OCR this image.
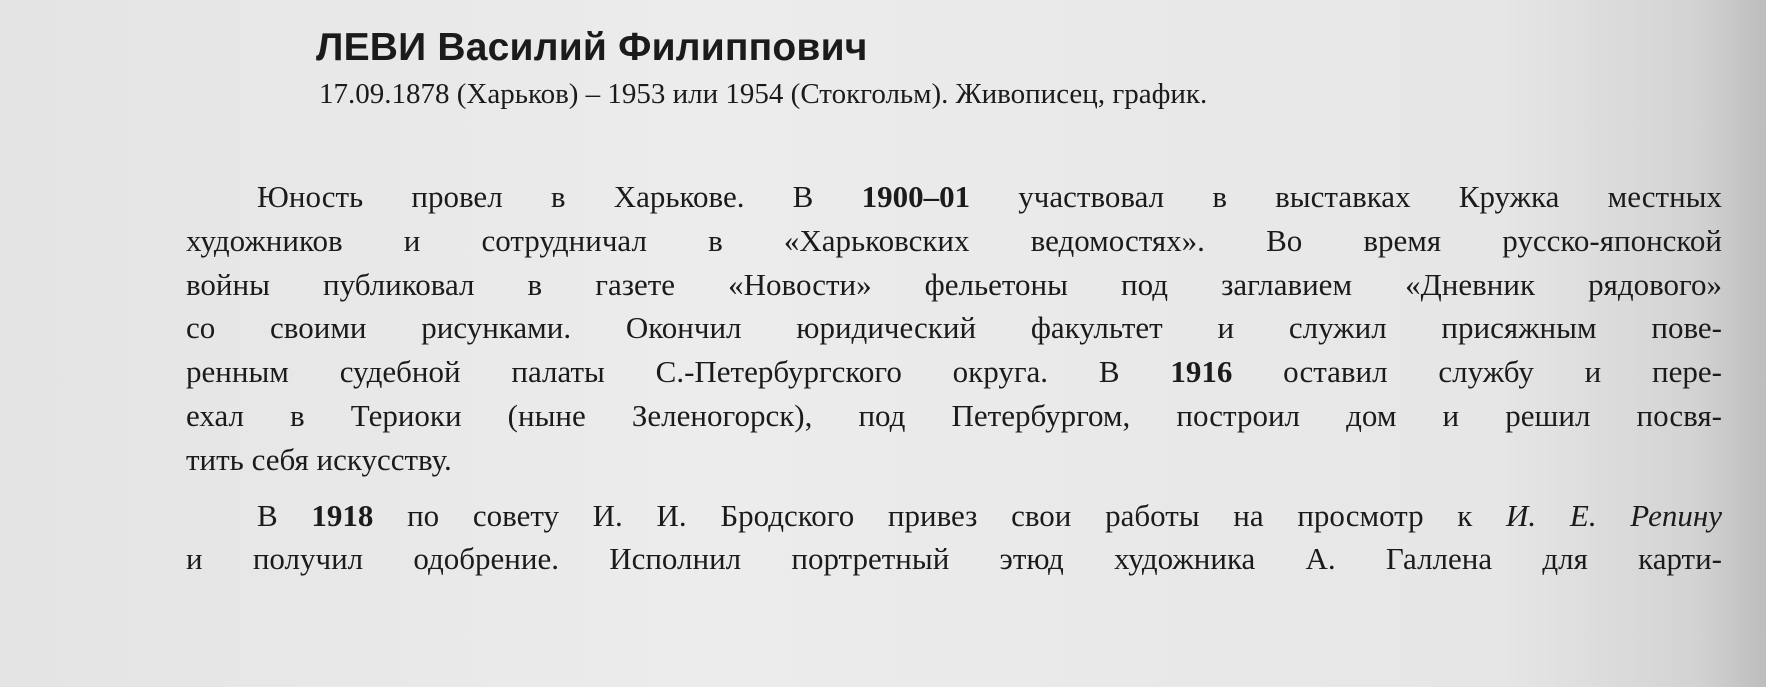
ЛЕВИ Василий Филиппович
17.09.1878 (Харьков) – 1953 или 1954 (Стокгольм). Живописец, график.
Юность провел в Харькове. В 1900–01 участвовал в выставках Кружка местных
художников и сотрудничал в «Харьковских ведомостях». Во время русско-японской
войны публиковал в газете «Новости» фельетоны под заглавием «Дневник рядового»
со своими рисунками. Окончил юридический факультет и служил присяжным пове-
ренным судебной палаты С.-Петербургского округа. В 1916 оставил службу и пере-
ехал в Териоки (ныне Зеленогорск), под Петербургом, построил дом и решил посвя-
тить себя искусству.
В 1918 по совету И. И. Бродского привез свои работы на просмотр к И. Е. Репину
и получил одобрение. Исполнил портретный этюд художника А. Галлена для карти-
